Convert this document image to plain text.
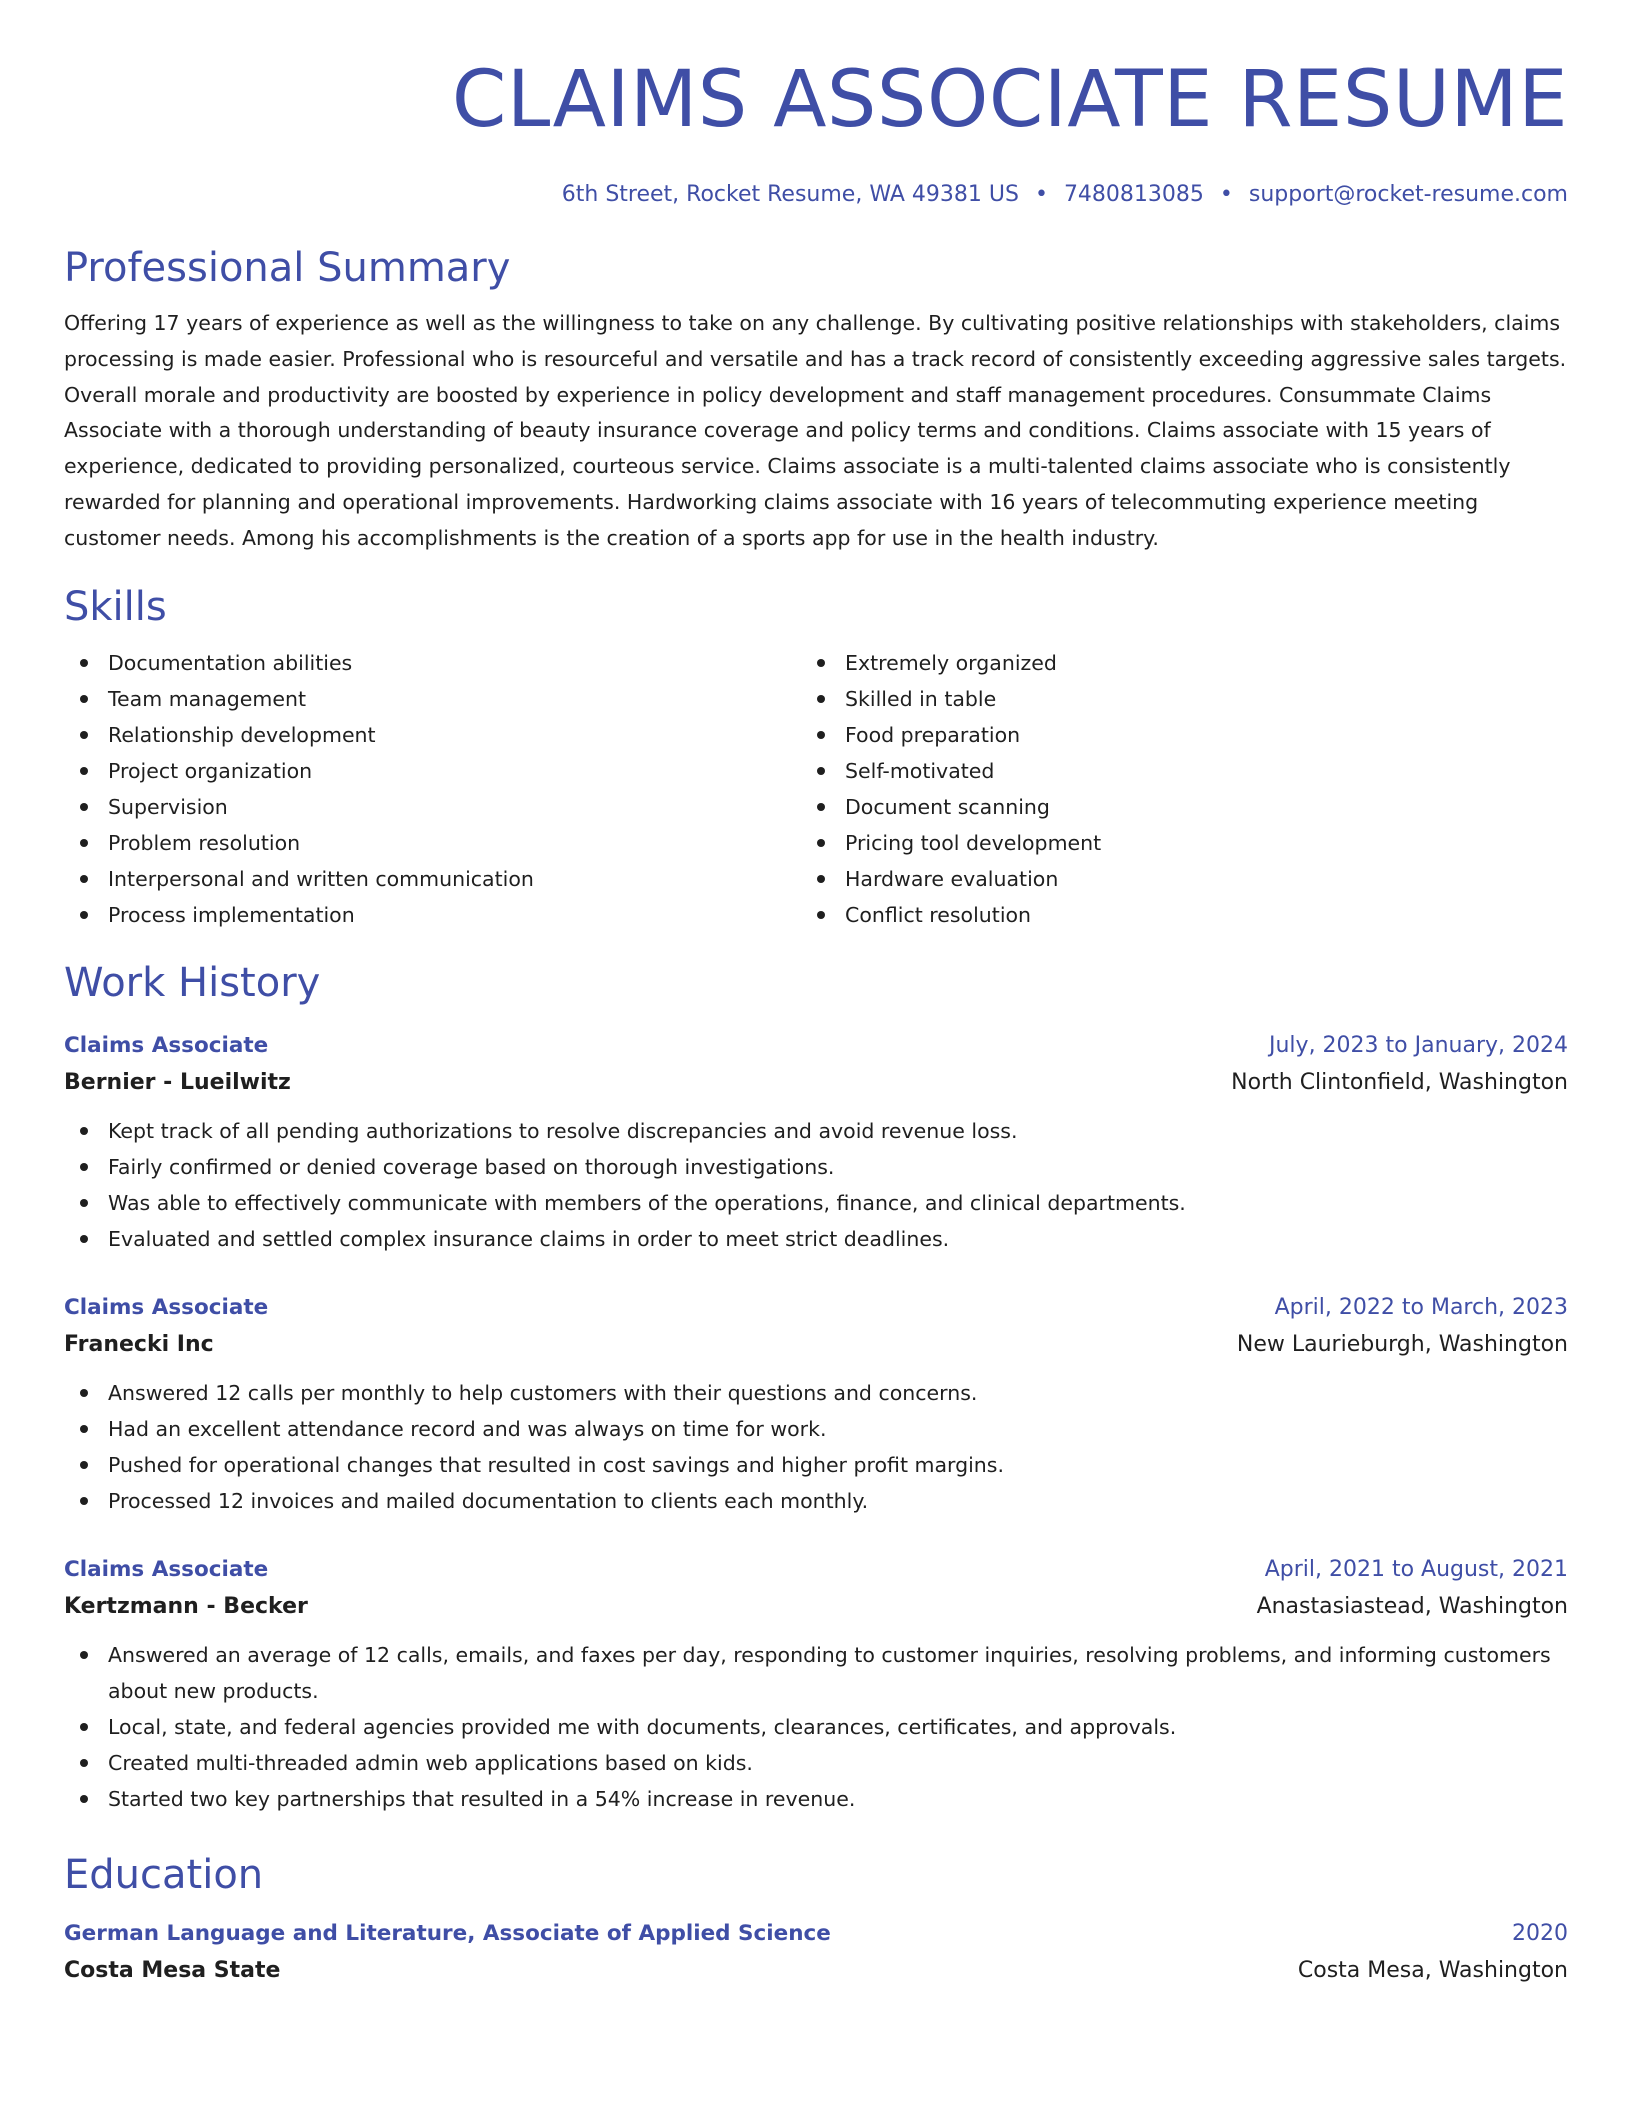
CLAIMS ASSOCIATE RESUME
6th Street, Rocket Resume, WA 49381 US • 7480813085 • support@rocket-resume.com
Professional Summary

Offering 17 years of experience as well as the willingness to take on any challenge. By cultivating positive relationships with stakeholders, claims processing is made easier. Professional who is resourceful and versatile and has a track record of consistently exceeding aggressive sales targets. Overall morale and productivity are boosted by experience in policy development and staff management procedures. Consummate Claims Associate with a thorough understanding of beauty insurance coverage and policy terms and conditions. Claims associate with 15 years of experience, dedicated to providing personalized, courteous service. Claims associate is a multi-talented claims associate who is consistently rewarded for planning and operational improvements. Hardworking claims associate with 16 years of telecommuting experience meeting customer needs. Among his accomplishments is the creation of a sports app for use in the health industry.

Skills
Documentation abilities
Team management
Relationship development
Project organization
Supervision
Problem resolution
Interpersonal and written communication
Process implementation
Extremely organized
Skilled in table
Food preparation
Self-motivated
Document scanning
Pricing tool development
Hardware evaluation
Conflict resolution
Work History
Claims Associate	July, 2023 to January, 2024
Bernier - Lueilwitz	North Clintonfield, Washington
Kept track of all pending authorizations to resolve discrepancies and avoid revenue loss.
Fairly confirmed or denied coverage based on thorough investigations.
Was able to effectively communicate with members of the operations, finance, and clinical departments.
Evaluated and settled complex insurance claims in order to meet strict deadlines.
Claims Associate	April, 2022 to March, 2023
Franecki Inc	New Laurieburgh, Washington
Answered 12 calls per monthly to help customers with their questions and concerns.
Had an excellent attendance record and was always on time for work.
Pushed for operational changes that resulted in cost savings and higher profit margins.
Processed 12 invoices and mailed documentation to clients each monthly.
Claims Associate	April, 2021 to August, 2021
Kertzmann - Becker	Anastasiastead, Washington
Answered an average of 12 calls, emails, and faxes per day, responding to customer inquiries, resolving problems, and informing customers about new products.
Local, state, and federal agencies provided me with documents, clearances, certificates, and approvals.
Created multi-threaded admin web applications based on kids.
Started two key partnerships that resulted in a 54% increase in revenue.
Education
German Language and Literature, Associate of Applied Science	2020
Costa Mesa State	Costa Mesa, Washington
